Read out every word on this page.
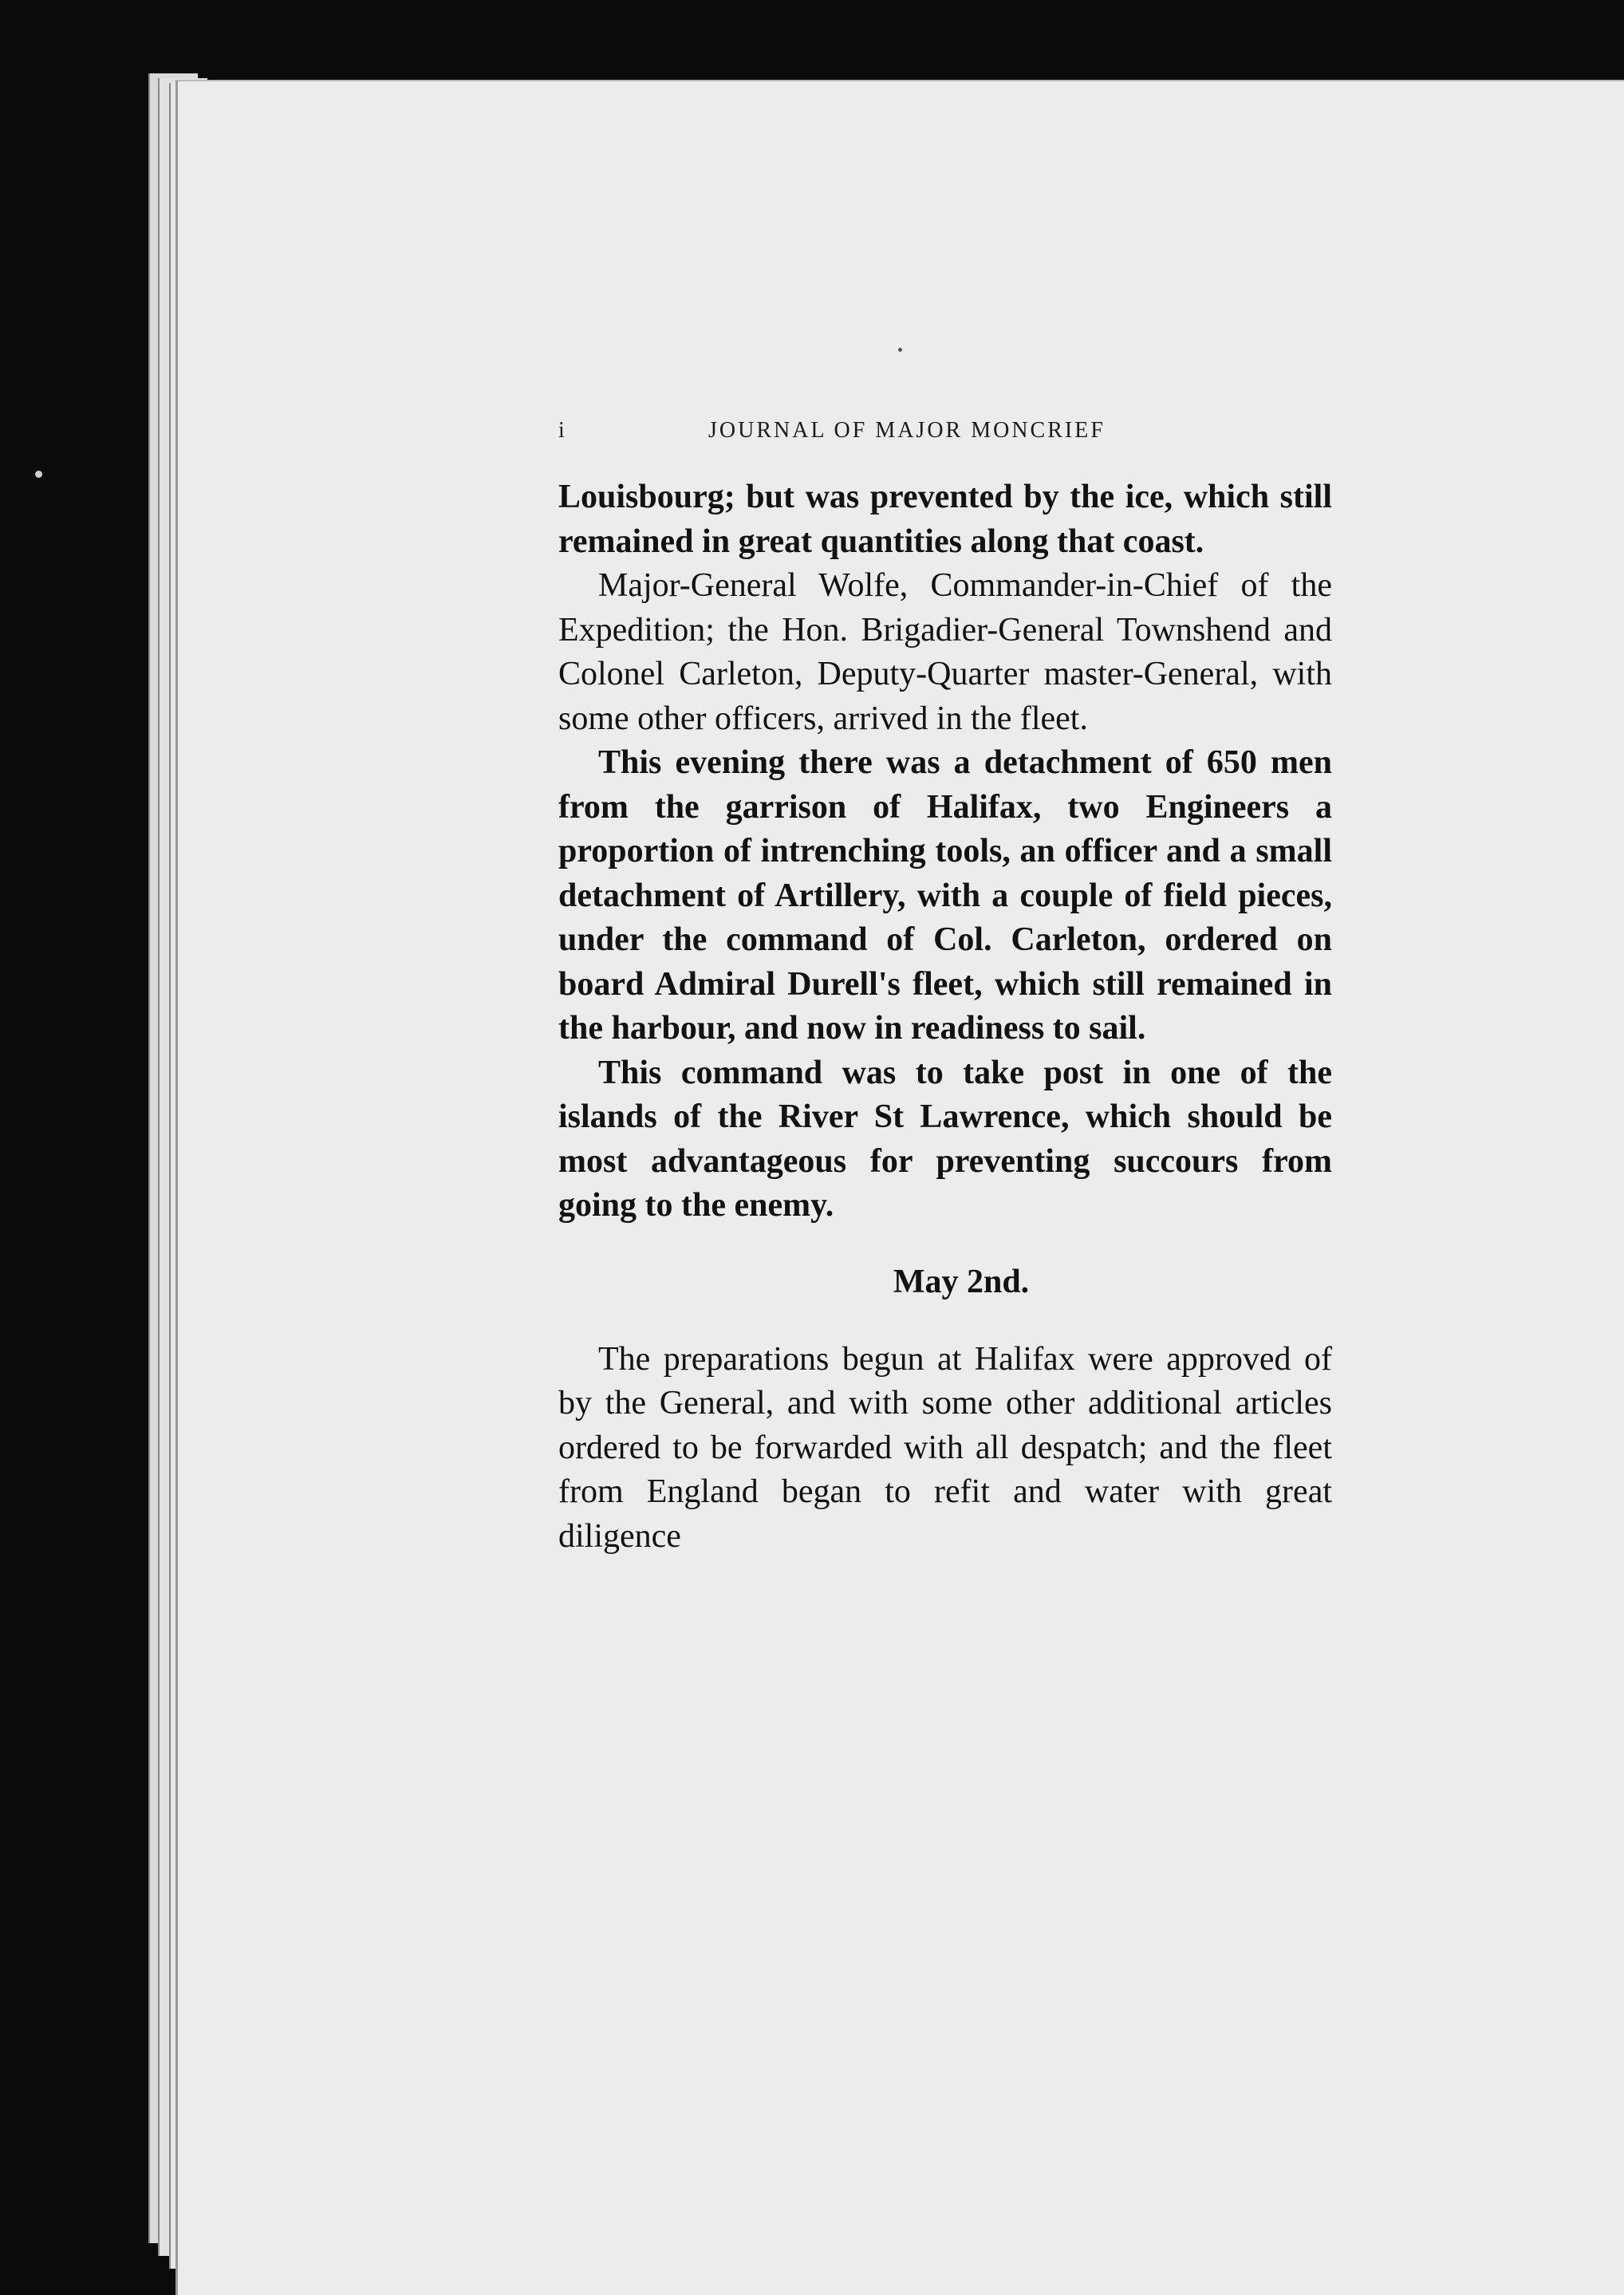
i	JOURNAL OF MAJOR MONCRIEF

Louisbourg; but was prevented by the ice, which still remained in great quantities along that coast.

Major-General Wolfe, Commander-in-Chief of the Expedition; the Hon. Brigadier-General Townshend and Colonel Carleton, Deputy-Quarter master-General, with some other officers, arrived in the fleet.

This evening there was a detachment of 650 men from the garrison of Halifax, two Engineers a proportion of intrenching tools, an officer and a small detachment of Artillery, with a couple of field pieces, under the command of Col. Carleton, ordered on board Admiral Durell's fleet, which still remained in the harbour, and now in readiness to sail.

This command was to take post in one of the islands of the River St Lawrence, which should be most advantageous for preventing succours from going to the enemy.

May 2nd.

The preparations begun at Halifax were approved of by the General, and with some other additional articles ordered to be forwarded with all despatch; and the fleet from England began to refit and water with great diligence
